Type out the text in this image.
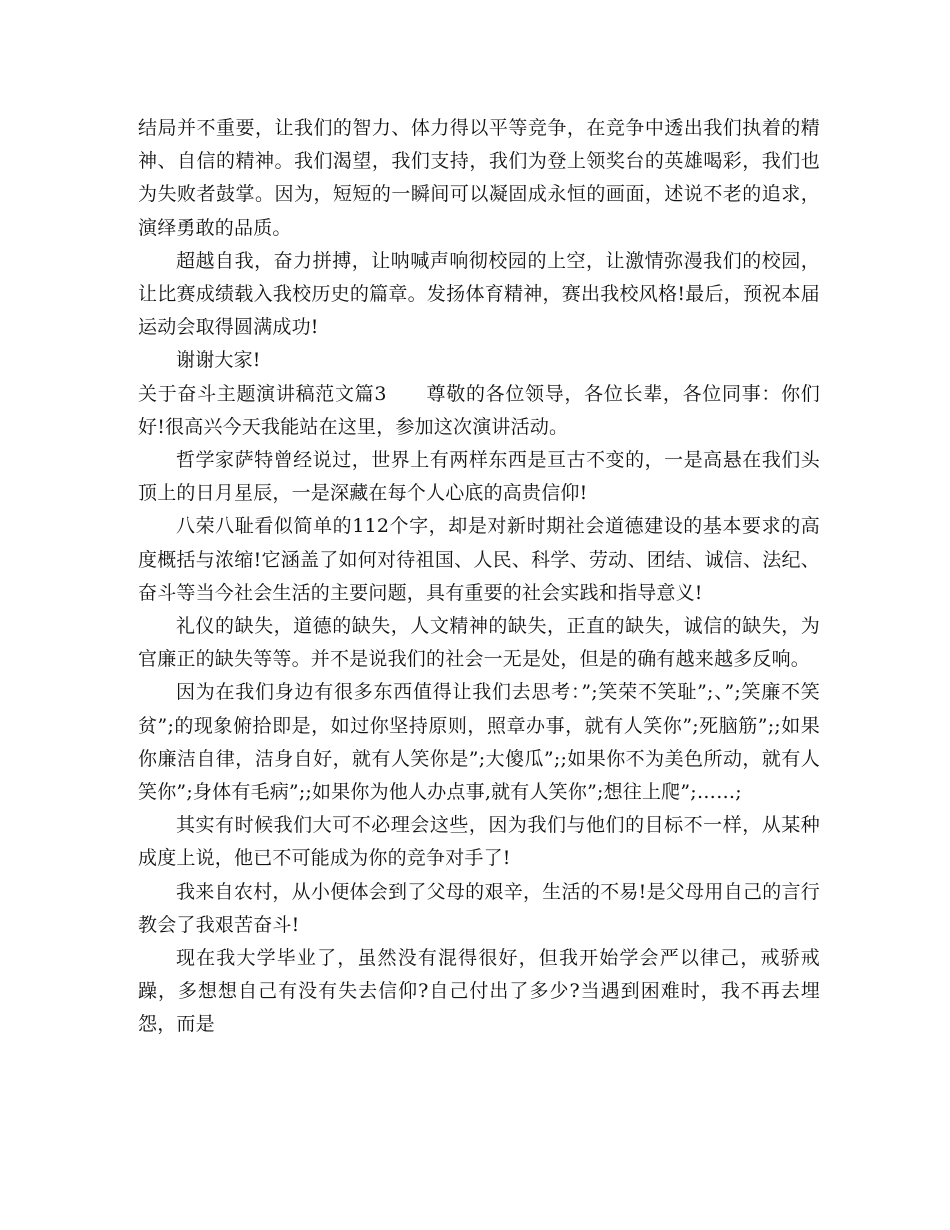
结局并不重要，让我们的智力、体力得以平等竞争，在竞争中透出我们执着的精神、自信的精神。我们渴望，我们支持，我们为登上领奖台的英雄喝彩，我们也为失败者鼓掌。因为，短短的一瞬间可以凝固成永恒的画面，述说不老的追求，演绎勇敢的品质。

超越自我，奋力拼搏，让呐喊声响彻校园的上空，让激情弥漫我们的校园，让比赛成绩载入我校历史的篇章。发扬体育精神，赛出我校风格!最后，预祝本届运动会取得圆满成功!

谢谢大家!

关于奋斗主题演讲稿范文篇3　　尊敬的各位领导，各位长辈，各位同事：你们好!很高兴今天我能站在这里，参加这次演讲活动。

哲学家萨特曾经说过，世界上有两样东西是亘古不变的，一是高悬在我们头顶上的日月星辰，一是深藏在每个人心底的高贵信仰!

八荣八耻看似简单的112个字，却是对新时期社会道德建设的基本要求的高度概括与浓缩!它涵盖了如何对待祖国、人民、科学、劳动、团结、诚信、法纪、奋斗等当今社会生活的主要问题，具有重要的社会实践和指导意义!

礼仪的缺失，道德的缺失，人文精神的缺失，正直的缺失，诚信的缺失，为官廉正的缺失等等。并不是说我们的社会一无是处，但是的确有越来越多反响。

因为在我们身边有很多东西值得让我们去思考：”;笑荣不笑耻”;、”;笑廉不笑贫”;的现象俯拾即是，如过你坚持原则，照章办事，就有人笑你”;死脑筋”;;如果你廉洁自律，洁身自好，就有人笑你是”;大傻瓜”;;如果你不为美色所动，就有人笑你”;身体有毛病”;;如果你为他人办点事,就有人笑你”;想往上爬”;……;

其实有时候我们大可不必理会这些，因为我们与他们的目标不一样，从某种成度上说，他已不可能成为你的竞争对手了!

我来自农村，从小便体会到了父母的艰辛，生活的不易!是父母用自己的言行教会了我艰苦奋斗!

现在我大学毕业了，虽然没有混得很好，但我开始学会严以律己，戒骄戒躁，多想想自己有没有失去信仰?自己付出了多少?当遇到困难时，我不再去埋怨，而是
